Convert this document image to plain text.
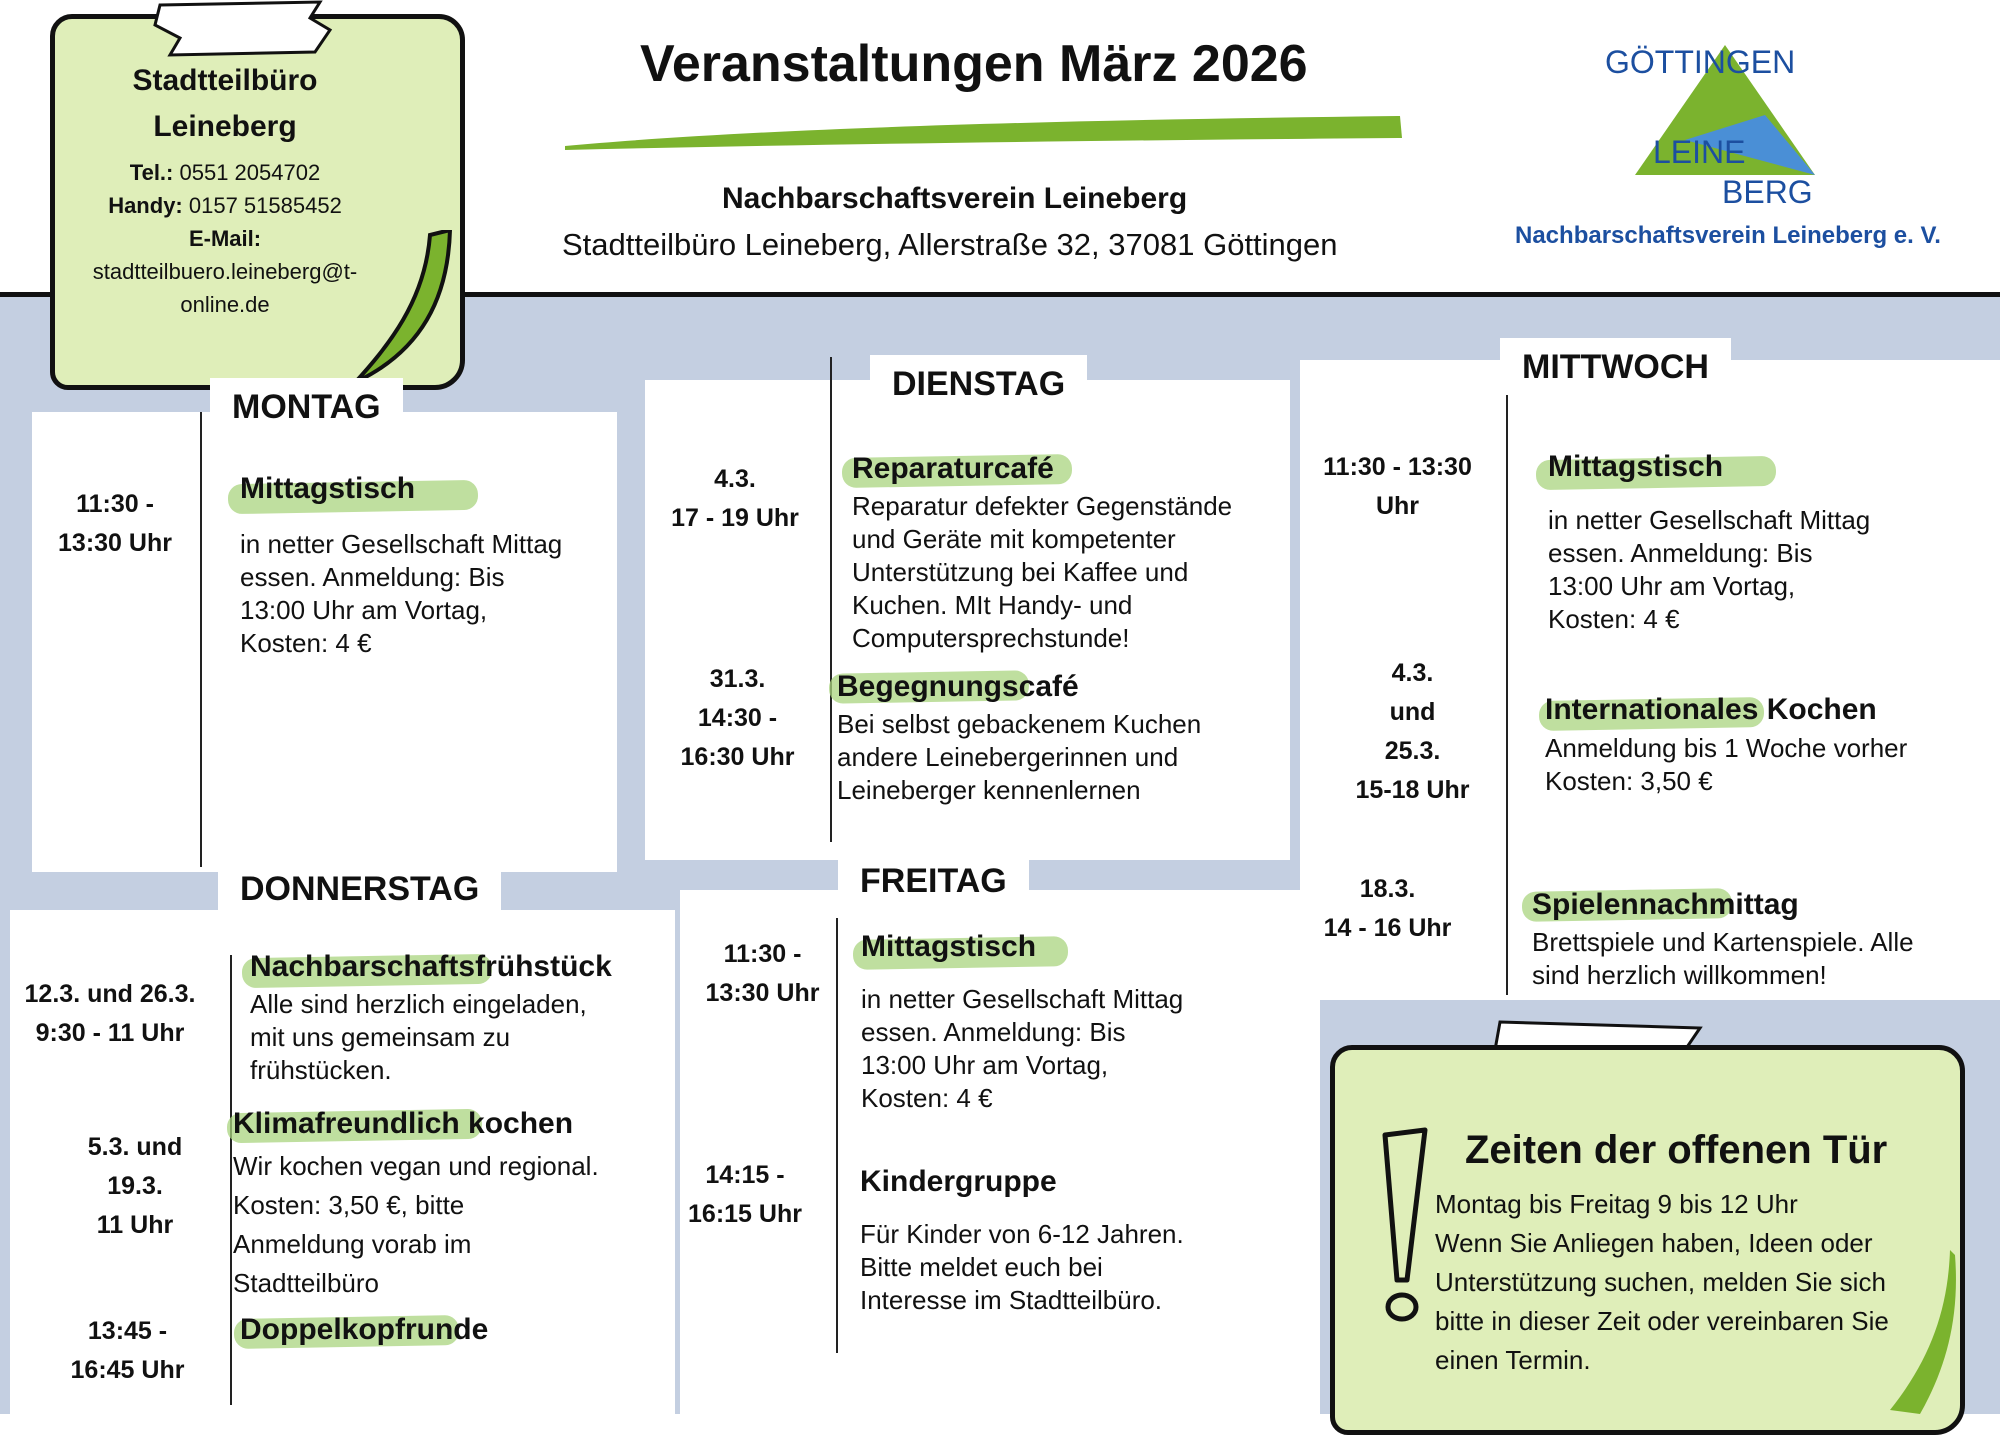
Veranstaltungen März 2026
Nachbarschaftsverein Leineberg
Stadtteilbüro Leineberg, Allerstraße 32, 37081 Göttingen
GÖTTINGEN
LEINE
BERG
Nachbarschaftsverein Leineberg e. V.
Stadtteilbüro
Leineberg
Tel.: 0551 2054702
Handy: 0157 51585452
E-Mail:
stadtteilbuero.leineberg@t-
online.de
MONTAG
11:30 -
13:30 Uhr
Mittagstisch
in netter Gesellschaft Mittag
essen. Anmeldung: Bis
13:00 Uhr am Vortag,
Kosten: 4 €
DIENSTAG
4.3.
17 - 19 Uhr
Reparaturcafé
Reparatur defekter Gegenstände
und Geräte mit kompetenter
Unterstützung bei Kaffee und
Kuchen. MIt Handy- und
Computersprechstunde!
31.3.
14:30 -
16:30 Uhr
Begegnungscafé
Bei selbst gebackenem Kuchen
andere Leinebergerinnen und
Leineberger kennenlernen
MITTWOCH
11:30 - 13:30
Uhr
Mittagstisch
in netter Gesellschaft Mittag
essen. Anmeldung: Bis
13:00 Uhr am Vortag,
Kosten: 4 €
4.3.
und
25.3.
15-18 Uhr
Internationales Kochen
Anmeldung bis 1 Woche vorher
Kosten: 3,50 €
18.3.
14 - 16 Uhr
Spielennachmittag
Brettspiele und Kartenspiele. Alle
sind herzlich willkommen!
DONNERSTAG
12.3. und 26.3.
9:30 - 11 Uhr
Nachbarschaftsfrühstück
Alle sind herzlich eingeladen,
mit uns gemeinsam zu
frühstücken.
5.3. und
19.3.
11 Uhr
Klimafreundlich kochen
Wir kochen vegan und regional.
Kosten: 3,50 €, bitte
Anmeldung vorab im
Stadtteilbüro
13:45 -
16:45 Uhr
Doppelkopfrunde
FREITAG
11:30 -
13:30 Uhr
Mittagstisch
in netter Gesellschaft Mittag
essen. Anmeldung: Bis
13:00 Uhr am Vortag,
Kosten: 4 €
14:15 -
16:15 Uhr
Kindergruppe
Für Kinder von 6-12 Jahren.
Bitte meldet euch bei
Interesse im Stadtteilbüro.
Zeiten der offenen Tür
Montag bis Freitag 9 bis 12 Uhr
Wenn Sie Anliegen haben, Ideen oder
Unterstützung suchen, melden Sie sich
bitte in dieser Zeit oder vereinbaren Sie
einen Termin.
